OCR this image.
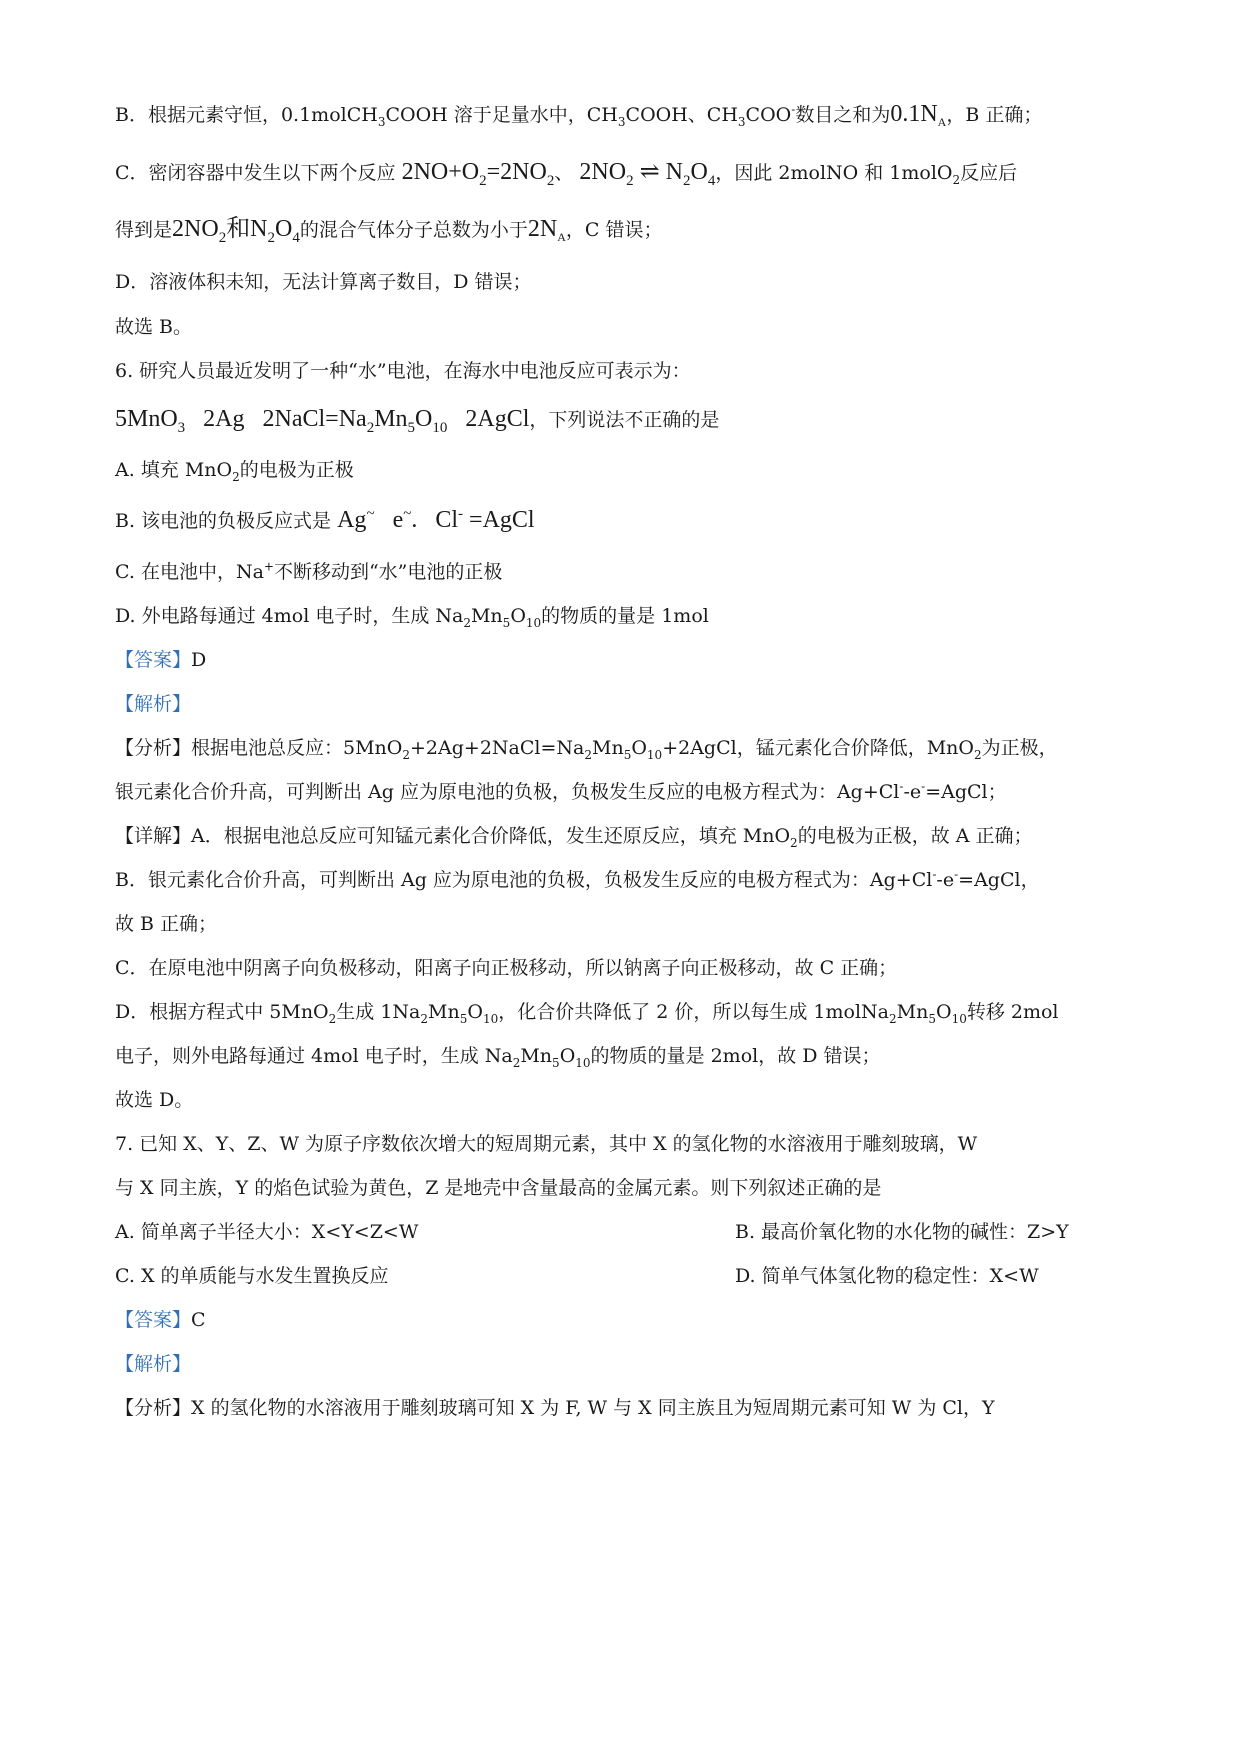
B．根据元素守恒，0.1molCH$_3$COOH 溶于足量水中，$CH_3COOH$、$CH_3COO^-$数目之和为$0.1N_A$，B 正确；
C．密闭容器中发生以下两个反应 $2NO+O_2=2NO_2$、 $2NO_2$ ⇌ $N_2O_4$，因此 2molNO 和 1molO$_2$反应后
得到是$2NO_2$和$N_2O_4$的混合气体分子总数为小于$2N_A$，C 错误；
D．溶液体积未知，无法计算离子数目，D 错误；
故选 B。
6. 研究人员最近发明了一种“水”电池，在海水中电池反应可表示为：
5MnO$_3$ 2Ag $2NaCl=Na_2Mn_5O_{10}$ 2AgCl，下列说法不正确的是
A. 填充 MnO$_2$的电极为正极
B. 该电池的负极反应式是 Ag~ e~.   Cl- =AgCl
C. 在电池中，Na+不断移动到“水”电池的正极
D. 外电路每通过 4mol 电子时，生成 $Na_2Mn_5O_{10}$的物质的量是 1mol
【答案】D
【解析】
【分析】根据电池总反应：$5MnO_2+2Ag+2NaCl=Na_2Mn_5O_{10}+2AgCl$，锰元素化合价降低，MnO$_2$为正极，
银元素化合价升高，可判断出 Ag 应为原电池的负极，负极发生反应的电极方程式为：Ag+Cl--e-=AgCl；
【详解】A．根据电池总反应可知锰元素化合价降低，发生还原反应，填充 MnO$_2$的电极为正极，故 A 正确；
B．银元素化合价升高，可判断出 Ag 应为原电池的负极，负极发生反应的电极方程式为：Ag+Cl--e-=AgCl，
故 B 正确；
C．在原电池中阴离子向负极移动，阳离子向正极移动，所以钠离子向正极移动，故 C 正确；
D．根据方程式中 5MnO$_2$生成 $1Na_2Mn_5O_{10}$，化合价共降低了 2 价，所以每生成 $1molNa_2Mn_5O_{10}$转移 2mol
电子，则外电路每通过 4mol 电子时，生成 $Na_2Mn_5O_{10}$的物质的量是 2mol，故 D 错误；
故选 D。
7. 已知 X、Y、Z、W 为原子序数依次增大的短周期元素，其中 X 的氢化物的水溶液用于雕刻玻璃，W
与 X 同主族，Y 的焰色试验为黄色，Z 是地壳中含量最高的金属元素。则下列叙述正确的是
A. 简单离子半径大小：X<Y<Z<W	B. 最高价氧化物的水化物的碱性：Z>Y
C. X 的单质能与水发生置换反应	D. 简单气体氢化物的稳定性：X<W
【答案】C
【解析】
【分析】X 的氢化物的水溶液用于雕刻玻璃可知 X 为 F, W 与 X 同主族且为短周期元素可知 W 为 Cl，Y
